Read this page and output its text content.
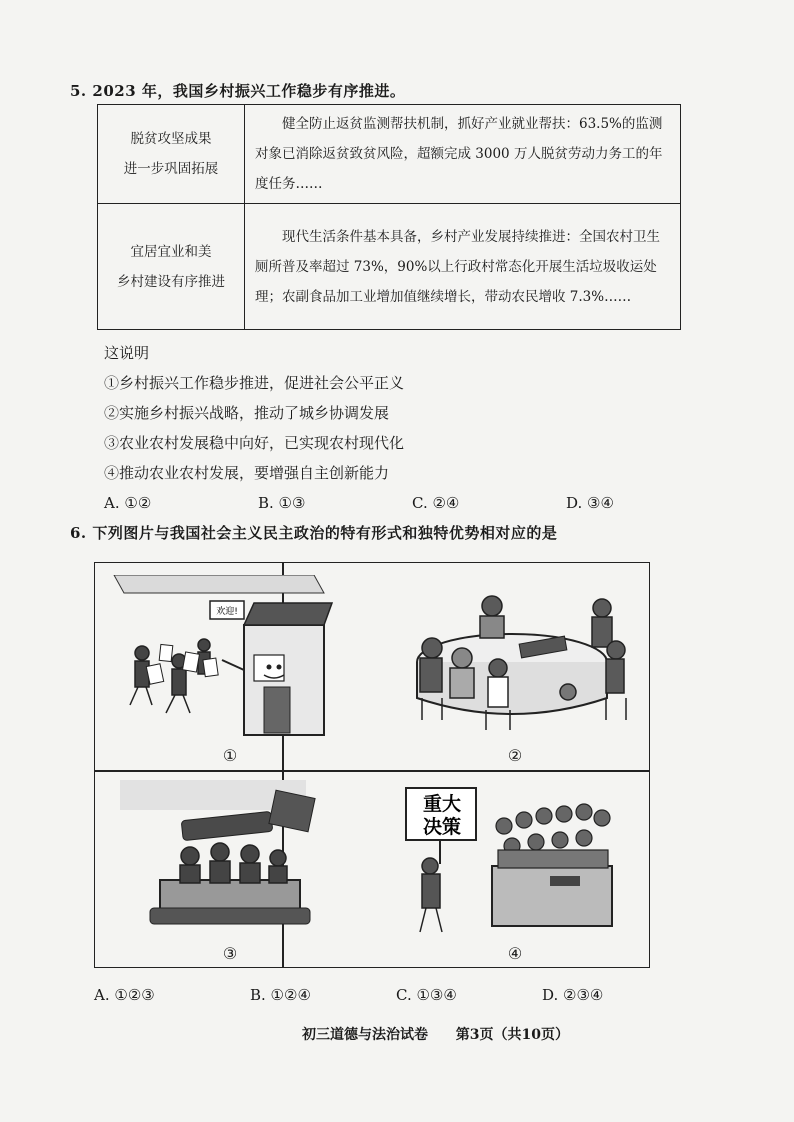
5. 2023 年，我国乡村振兴工作稳步有序推进。
脱贫攻坚成果
进一步巩固拓展	健全防止返贫监测帮扶机制，抓好产业就业帮扶：63.5%的监测对象已消除返贫致贫风险，超额完成 3000 万人脱贫劳动力务工的年度任务……

宜居宜业和美
乡村建设有序推进	现代生活条件基本具备，乡村产业发展持续推进：全国农村卫生厕所普及率超过 73%，90%以上行政村常态化开展生活垃圾收运处理；农副食品加工业增加值继续增长，带动农民增收 7.3%……
这说明
①乡村振兴工作稳步推进，促进社会公平正义
②实施乡村振兴战略，推动了城乡协调发展
③农业农村发展稳中向好，已实现农村现代化
④推动农业农村发展，要增强自主创新能力
A. ①②	B. ①③	C. ②④	D. ③④
6. 下列图片与我国社会主义民主政治的特有形式和独特优势相对应的是
欢迎!
①	②
③
重大
决策
④
A. ①②③	B. ①②④	C. ①③④	D. ②③④
初三道德与法治试卷 第3页（共10页）
